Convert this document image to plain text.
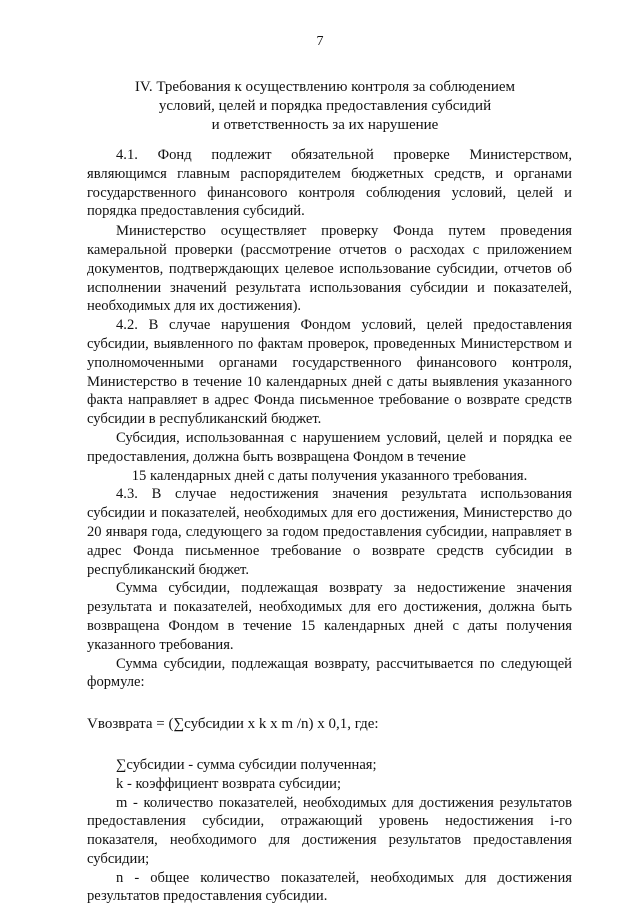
7
IV. Требования к осуществлению контроля за соблюдением
условий, целей и порядка предоставления субсидий
и ответственность за их нарушение

4.1. Фонд подлежит обязательной проверке Министерством, являющимся главным распорядителем бюджетных средств, и органами государственного финансового контроля соблюдения условий, целей и порядка предоставления субсидий.

Министерство осуществляет проверку Фонда путем проведения камеральной проверки (рассмотрение отчетов о расходах с приложением документов, подтверждающих целевое использование субсидии, отчетов об исполнении значений результата использования субсидии и показателей, необходимых для их достижения).

4.2. В случае нарушения Фондом условий, целей предоставления субсидии, выявленного по фактам проверок, проведенных Министерством и уполномоченными органами государственного финансового контроля, Министерство в течение 10 календарных дней с даты выявления указанного факта направляет в адрес Фонда письменное требование о возврате средств субсидии в республиканский бюджет.

Субсидия, использованная с нарушением условий, целей и порядка ее предоставления, должна быть возвращена Фондом в течение

15 календарных дней с даты получения указанного требования.

4.3. В случае недостижения значения результата использования субсидии и показателей, необходимых для его достижения, Министерство до 20 января года, следующего за годом предоставления субсидии, направляет в адрес Фонда письменное требование о возврате средств субсидии в республиканский бюджет.

Сумма субсидии, подлежащая возврату за недостижение значения результата и показателей, необходимых для его достижения, должна быть возвращена Фондом в течение 15 календарных дней с даты получения указанного требования.

Сумма субсидии, подлежащая возврату, рассчитывается по следующей формуле:

Vвозврата = (∑субсидии x k x m /n) x 0,1, где:

∑субсидии - сумма субсидии полученная;

k - коэффициент возврата субсидии;

m - количество показателей, необходимых для достижения результатов предоставления субсидии, отражающий уровень недостижения i-го показателя, необходимого для достижения результатов предоставления субсидии;

n - общее количество показателей, необходимых для достижения результатов предоставления субсидии.
